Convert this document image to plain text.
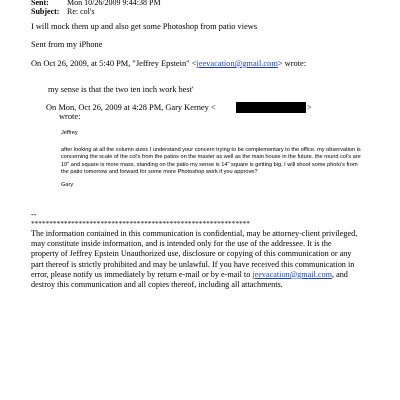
Sent: Mon 10/26/2009 9:44:38 PM
Subject: Re: col's
I will mock them up and also get some Photoshop from patio views
Sent from my iPhone
On Oct 26, 2009, at 5:40 PM, "Jeffrey Epstein" <jeevacation@gmail.com> wrote:
my sense is that the two ten inch work best'
On Mon, Oct 26, 2009 at 4:28 PM, Gary Kerney <	>
wrote:
Jeffrey
after looking at all the column sizes I understand your concern trying to be complementary to the office. my observation is concerning the scale of the col's from the patios on the master as well as the main house in the future. the round col's are 10" and square is more mass, standing on the patio my sense is 14" square is getting big. I will shoot some photo's from the patio tomorrow and forward for some more Photoshop work if you approve?
Gary
--
************************************************************
The information contained in this communication is confidential, may be attorney-client privileged, may constitute inside information, and is intended only for the use of the addressee. It is the property of Jeffrey Epstein Unauthorized use, disclosure or copying of this communication or any part thereof is strictly prohibited and may be unlawful. If you have received this communication in error, please notify us immediately by return e-mail or by e-mail to jeevacation@gmail.com, and destroy this communication and all copies thereof, including all attachments.
